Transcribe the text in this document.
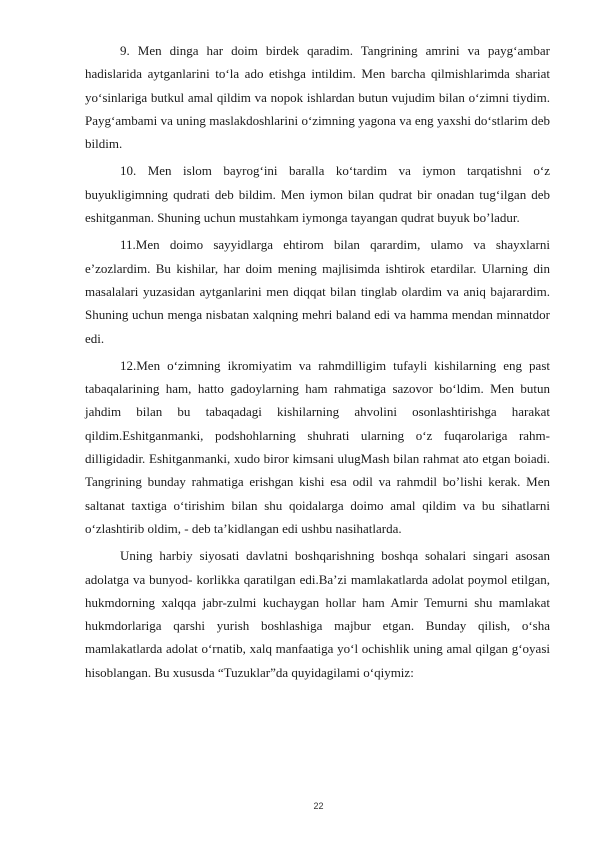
9. Men dinga har doim birdek qaradim. Tangrining amrini va payg‘ambar hadislarida aytganlarini to‘la ado etishga intildim. Men barcha qilmishlarimda shariat yo‘sinlariga butkul amal qildim va nopok ishlardan butun vujudim bilan o‘zimni tiydim. Payg‘ambami va uning maslakdoshlarini o‘zimning yagona va eng yaxshi do‘stlarim deb bildim.

10. Men islom bayrog‘ini baralla ko‘tardim va iymon tarqatishni o‘z buyukligimning qudrati deb bildim. Men iymon bilan qudrat bir onadan tug‘ilgan deb eshitganman. Shuning uchun mustahkam iymonga tayangan qudrat buyuk bo’ladur.

11.Men doimo sayyidlarga ehtirom bilan qarardim, ulamo va shayxlarni e’zozlardim. Bu kishilar, har doim mening majlisimda ishtirok etardilar. Ularning din masalalari yuzasidan aytganlarini men diqqat bilan tinglab olardim va aniq bajarardim. Shuning uchun menga nisbatan xalqning mehri baland edi va hamma mendan minnatdor edi.

12.Men o‘zimning ikromiyatim va rahmdilligim tufayli kishilarning eng past tabaqalarining ham, hatto gadoylarning ham rahmatiga sazovor bo‘ldim. Men butun jahdim bilan bu tabaqadagi kishilarning ahvolini osonlashtirishga harakat qildim.Eshitganmanki, podshohlarning shuhrati ularning o‘z fuqarolariga rahm-dilligidadir. Eshitganmanki, xudo biror kimsani ulugMash bilan rahmat ato etgan boiadi. Tangrining bunday rahmatiga erishgan kishi esa odil va rahmdil bo’lishi kerak. Men saltanat taxtiga o‘tirishim bilan shu qoidalarga doimo amal qildim va bu sihatlarni o‘zlashtirib oldim, - deb ta’kidlangan edi ushbu nasihatlarda.

Uning harbiy siyosati davlatni boshqarishning boshqa sohalari singari asosan adolatga va bunyod- korlikka qaratilgan edi.Ba’zi mamlakatlarda adolat poymol etilgan, hukmdorning xalqqa jabr-zulmi kuchaygan hollar ham Amir Temurni shu mamlakat hukmdorlariga qarshi yurish boshlashiga majbur etgan. Bunday qilish, o‘sha mamlakatlarda adolat o‘rnatib, xalq manfaatiga yo‘l ochishlik uning amal qilgan g‘oyasi hisoblangan. Bu xususda “Tuzuklar”da quyidagilami o‘qiymiz:

22
